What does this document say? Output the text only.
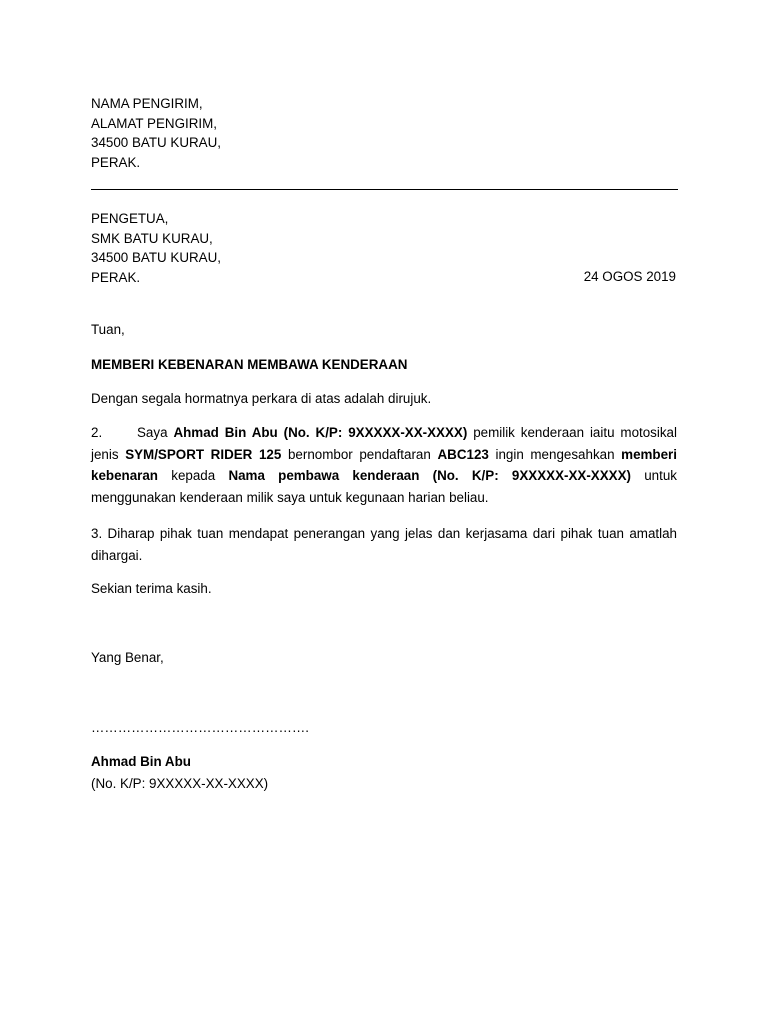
NAMA PENGIRIM,
ALAMAT PENGIRIM,
34500 BATU KURAU,
PERAK.
PENGETUA,
SMK BATU KURAU,
34500 BATU KURAU,
PERAK.	24 OGOS 2019
Tuan,
MEMBERI KEBENARAN MEMBAWA KENDERAAN
Dengan segala hormatnya perkara di atas adalah dirujuk.
2.	Saya Ahmad Bin Abu (No. K/P: 9XXXXX-XX-XXXX) pemilik kenderaan iaitu motosikal jenis SYM/SPORT RIDER 125 bernombor pendaftaran ABC123 ingin mengesahkan memberi kebenaran kepada Nama pembawa kenderaan (No. K/P: 9XXXXX-XX-XXXX) untuk menggunakan kenderaan milik saya untuk kegunaan harian beliau.
3. Diharap pihak tuan mendapat penerangan yang jelas dan kerjasama dari pihak tuan amatlah dihargai.
Sekian terima kasih.
Yang Benar,
………………………………………….
Ahmad Bin Abu
(No. K/P: 9XXXXX-XX-XXXX)
